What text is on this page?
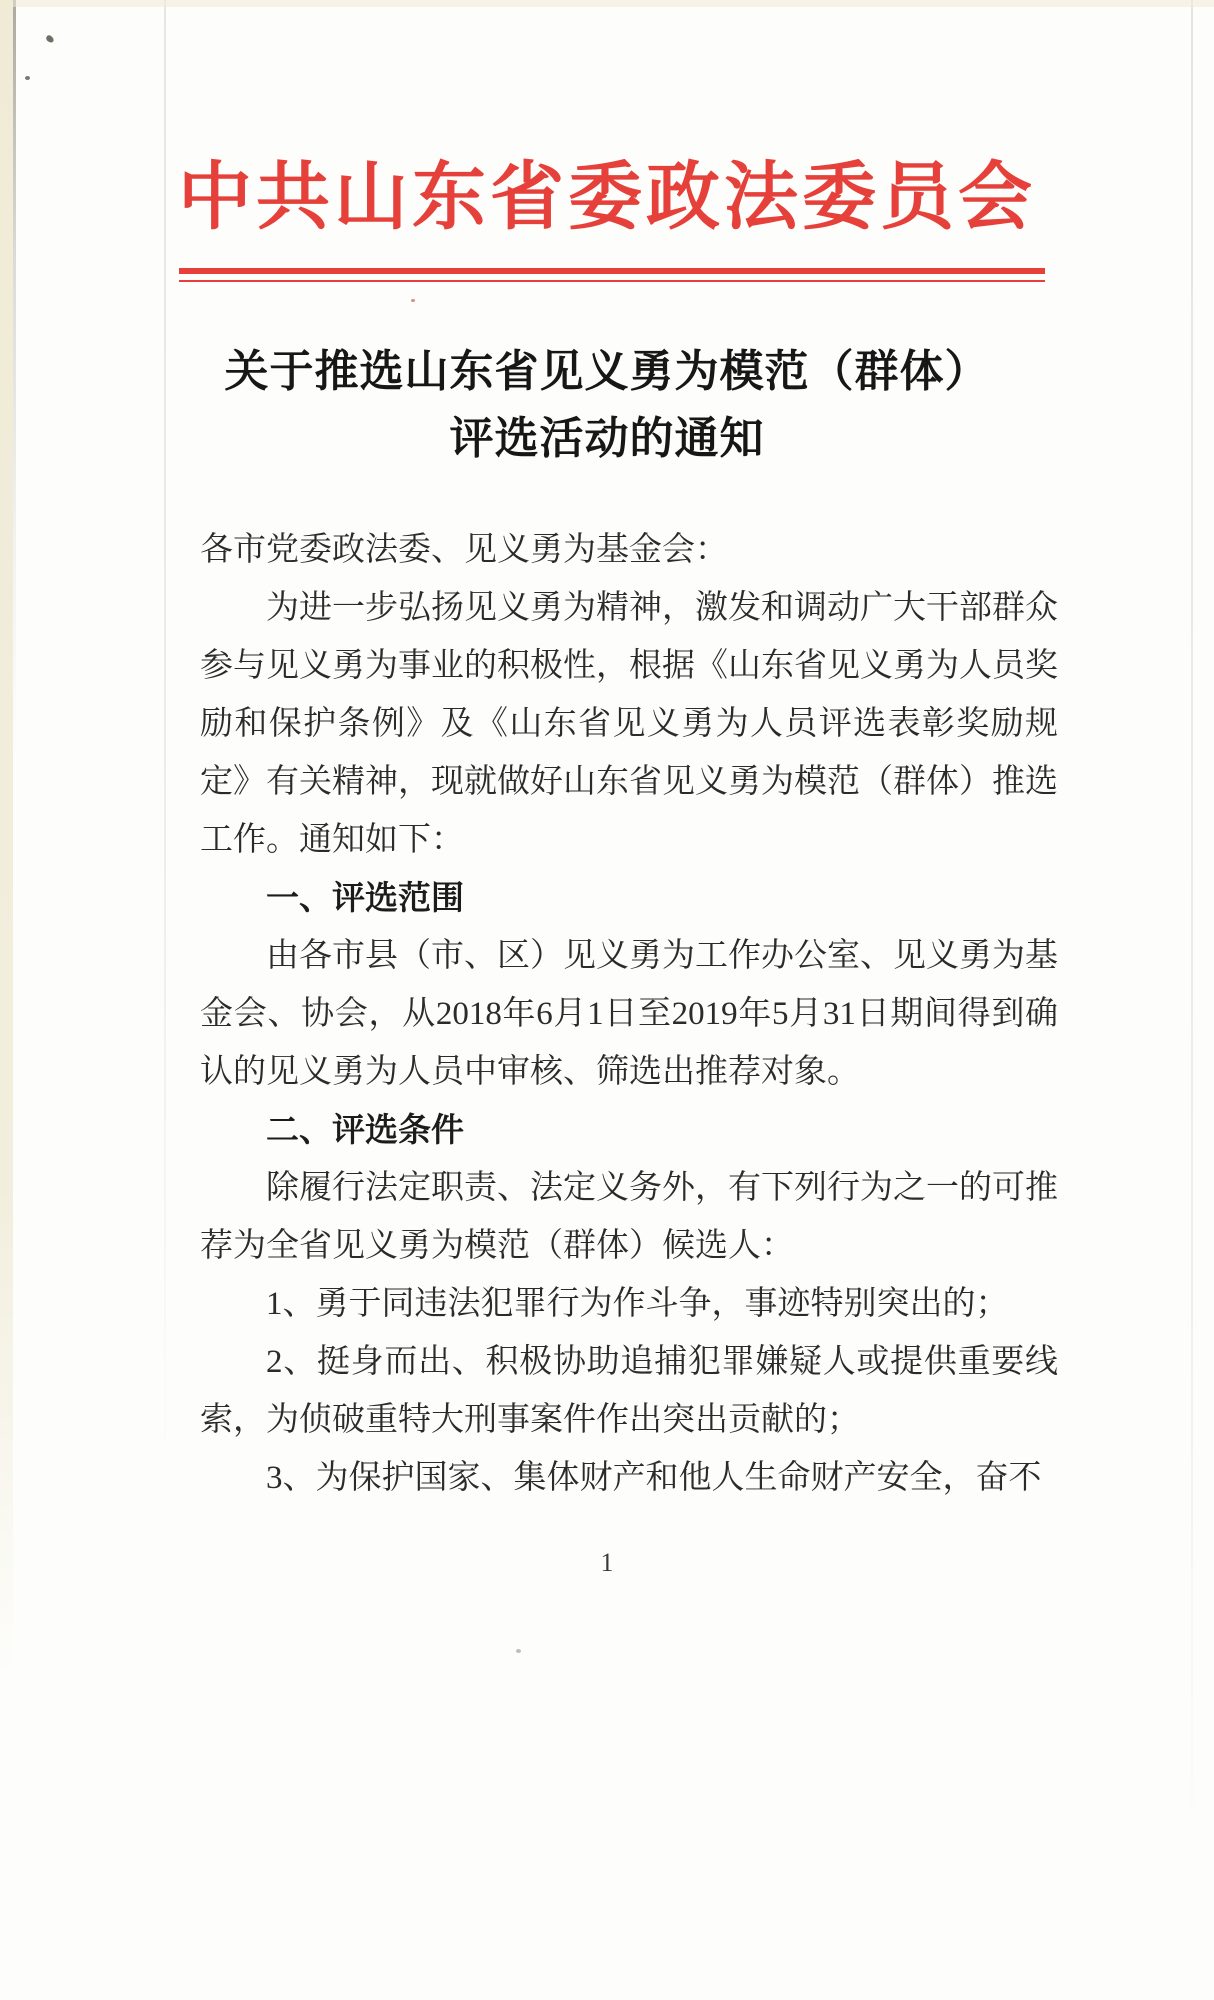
中共山东省委政法委员会
关于推选山东省见义勇为模范（群体）
评选活动的通知

各市党委政法委、见义勇为基金会：

为进一步弘扬见义勇为精神，激发和调动广大干部群众参与见义勇为事业的积极性，根据《山东省见义勇为人员奖励和保护条例》及《山东省见义勇为人员评选表彰奖励规定》有关精神，现就做好山东省见义勇为模范（群体）推选工作。通知如下：

一、评选范围

由各市县（市、区）见义勇为工作办公室、见义勇为基金会、协会，从2018年6月1日至2019年5月31日期间得到确认的见义勇为人员中审核、筛选出推荐对象。

二、评选条件

除履行法定职责、法定义务外，有下列行为之一的可推荐为全省见义勇为模范（群体）候选人：

1、勇于同违法犯罪行为作斗争，事迹特别突出的；

2、挺身而出、积极协助追捕犯罪嫌疑人或提供重要线索，为侦破重特大刑事案件作出突出贡献的；

3、为保护国家、集体财产和他人生命财产安全，奋不

1
